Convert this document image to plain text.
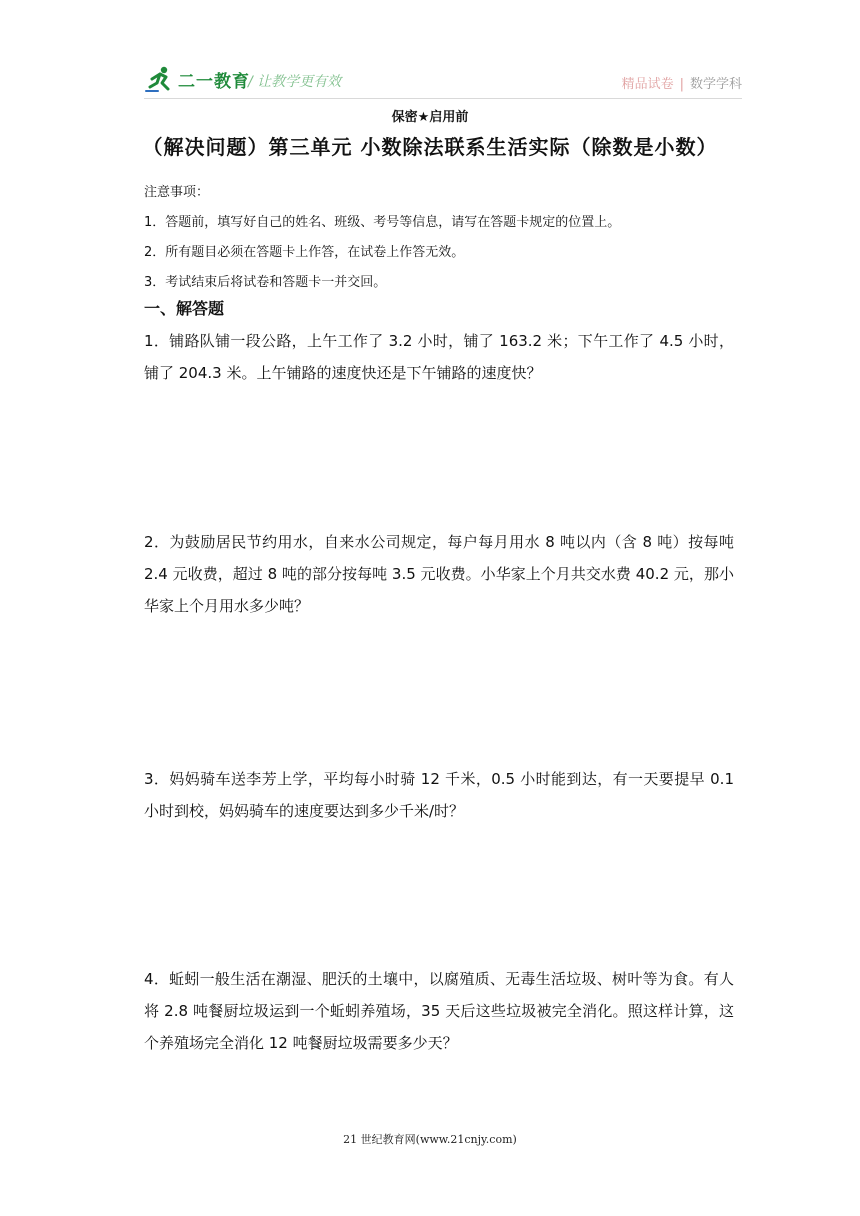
二一教育
/ 让教学更有效	精品试卷 | 数学学科
保密★启用前
（解决问题）第三单元 小数除法联系生活实际（除数是小数）
注意事项：
1．答题前，填写好自己的姓名、班级、考号等信息，请写在答题卡规定的位置上。
2．所有题目必须在答题卡上作答，在试卷上作答无效。
3．考试结束后将试卷和答题卡一并交回。
一、解答题
1．铺路队铺一段公路，上午工作了 3.2 小时，铺了 163.2 米；下午工作了 4.5 小时，铺了 204.3 米。上午铺路的速度快还是下午铺路的速度快？
2．为鼓励居民节约用水，自来水公司规定，每户每月用水 8 吨以内（含 8 吨）按每吨 2.4 元收费，超过 8 吨的部分按每吨 3.5 元收费。小华家上个月共交水费 40.2 元，那小华家上个月用水多少吨？
3．妈妈骑车送李芳上学，平均每小时骑 12 千米，0.5 小时能到达，有一天要提早 0.1 小时到校，妈妈骑车的速度要达到多少千米/时？
4．蚯蚓一般生活在潮湿、肥沃的土壤中，以腐殖质、无毒生活垃圾、树叶等为食。有人将 2.8 吨餐厨垃圾运到一个蚯蚓养殖场，35 天后这些垃圾被完全消化。照这样计算，这个养殖场完全消化 12 吨餐厨垃圾需要多少天？
21 世纪教育网(www.21cnjy.com)
